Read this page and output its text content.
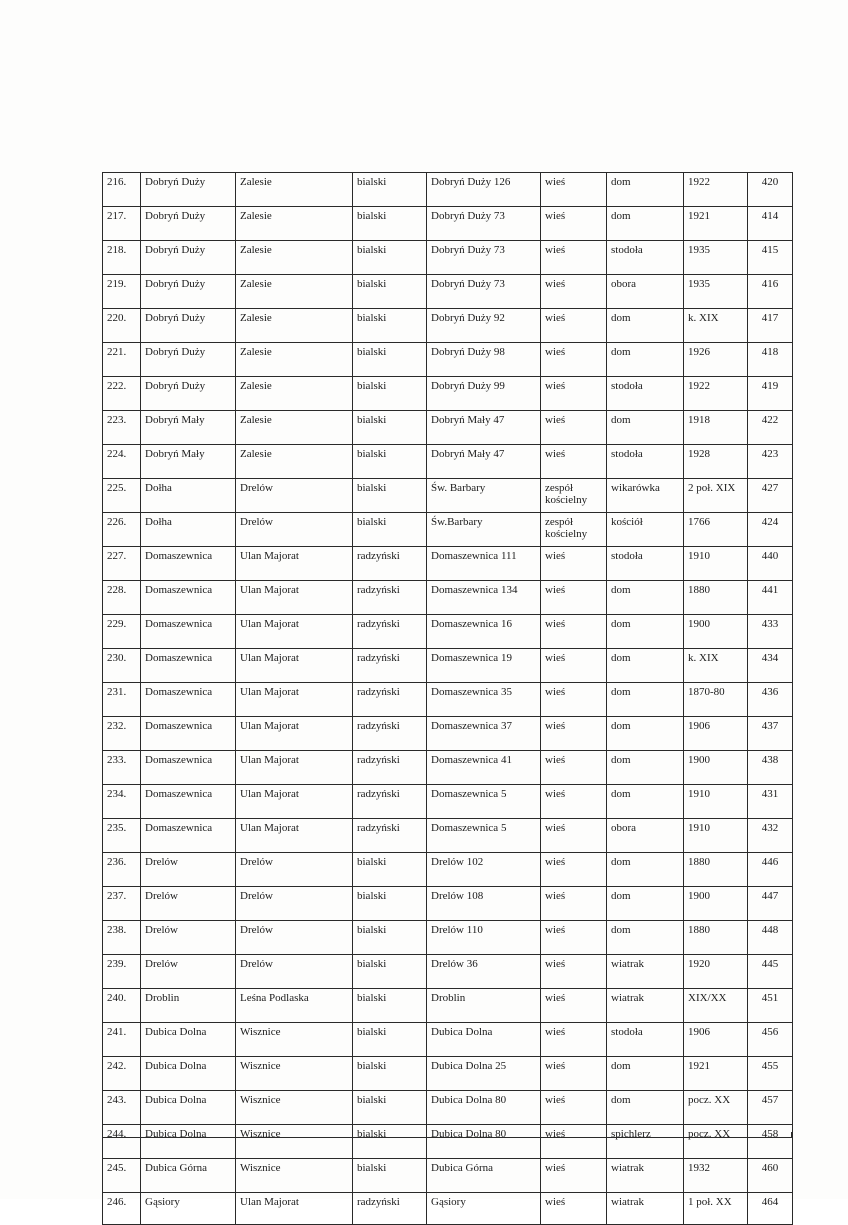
216.	Dobryń Duży	Zalesie	bialski	Dobryń Duży 126	wieś	dom	1922	420
217.	Dobryń Duży	Zalesie	bialski	Dobryń Duży 73	wieś	dom	1921	414
218.	Dobryń Duży	Zalesie	bialski	Dobryń Duży 73	wieś	stodoła	1935	415
219.	Dobryń Duży	Zalesie	bialski	Dobryń Duży 73	wieś	obora	1935	416
220.	Dobryń Duży	Zalesie	bialski	Dobryń Duży 92	wieś	dom	k. XIX	417
221.	Dobryń Duży	Zalesie	bialski	Dobryń Duży 98	wieś	dom	1926	418
222.	Dobryń Duży	Zalesie	bialski	Dobryń Duży 99	wieś	stodoła	1922	419
223.	Dobryń Mały	Zalesie	bialski	Dobryń Mały 47	wieś	dom	1918	422
224.	Dobryń Mały	Zalesie	bialski	Dobryń Mały 47	wieś	stodoła	1928	423
225.	Dołha	Drelów	bialski	Św. Barbary	zespół kościelny	wikarówka	2 poł. XIX	427
226.	Dołha	Drelów	bialski	Św.Barbary	zespół kościelny	kościół	1766	424
227.	Domaszewnica	Ulan Majorat	radzyński	Domaszewnica 111	wieś	stodoła	1910	440
228.	Domaszewnica	Ulan Majorat	radzyński	Domaszewnica 134	wieś	dom	1880	441
229.	Domaszewnica	Ulan Majorat	radzyński	Domaszewnica 16	wieś	dom	1900	433
230.	Domaszewnica	Ulan Majorat	radzyński	Domaszewnica 19	wieś	dom	k. XIX	434
231.	Domaszewnica	Ulan Majorat	radzyński	Domaszewnica 35	wieś	dom	1870-80	436
232.	Domaszewnica	Ulan Majorat	radzyński	Domaszewnica 37	wieś	dom	1906	437
233.	Domaszewnica	Ulan Majorat	radzyński	Domaszewnica 41	wieś	dom	1900	438
234.	Domaszewnica	Ulan Majorat	radzyński	Domaszewnica 5	wieś	dom	1910	431
235.	Domaszewnica	Ulan Majorat	radzyński	Domaszewnica 5	wieś	obora	1910	432
236.	Drelów	Drelów	bialski	Drelów 102	wieś	dom	1880	446
237.	Drelów	Drelów	bialski	Drelów 108	wieś	dom	1900	447
238.	Drelów	Drelów	bialski	Drelów 110	wieś	dom	1880	448
239.	Drelów	Drelów	bialski	Drelów 36	wieś	wiatrak	1920	445
240.	Droblin	Leśna Podlaska	bialski	Droblin	wieś	wiatrak	XIX/XX	451
241.	Dubica Dolna	Wisznice	bialski	Dubica Dolna	wieś	stodoła	1906	456
242.	Dubica Dolna	Wisznice	bialski	Dubica Dolna 25	wieś	dom	1921	455
243.	Dubica Dolna	Wisznice	bialski	Dubica Dolna 80	wieś	dom	pocz. XX	457
244.	Dubica Dolna	Wisznice	bialski	Dubica Dolna 80	wieś	spichlerz	pocz. XX	458
245.	Dubica Górna	Wisznice	bialski	Dubica Górna	wieś	wiatrak	1932	460
246.	Gąsiory	Ulan Majorat	radzyński	Gąsiory	wieś	wiatrak	1 poł. XX	464
